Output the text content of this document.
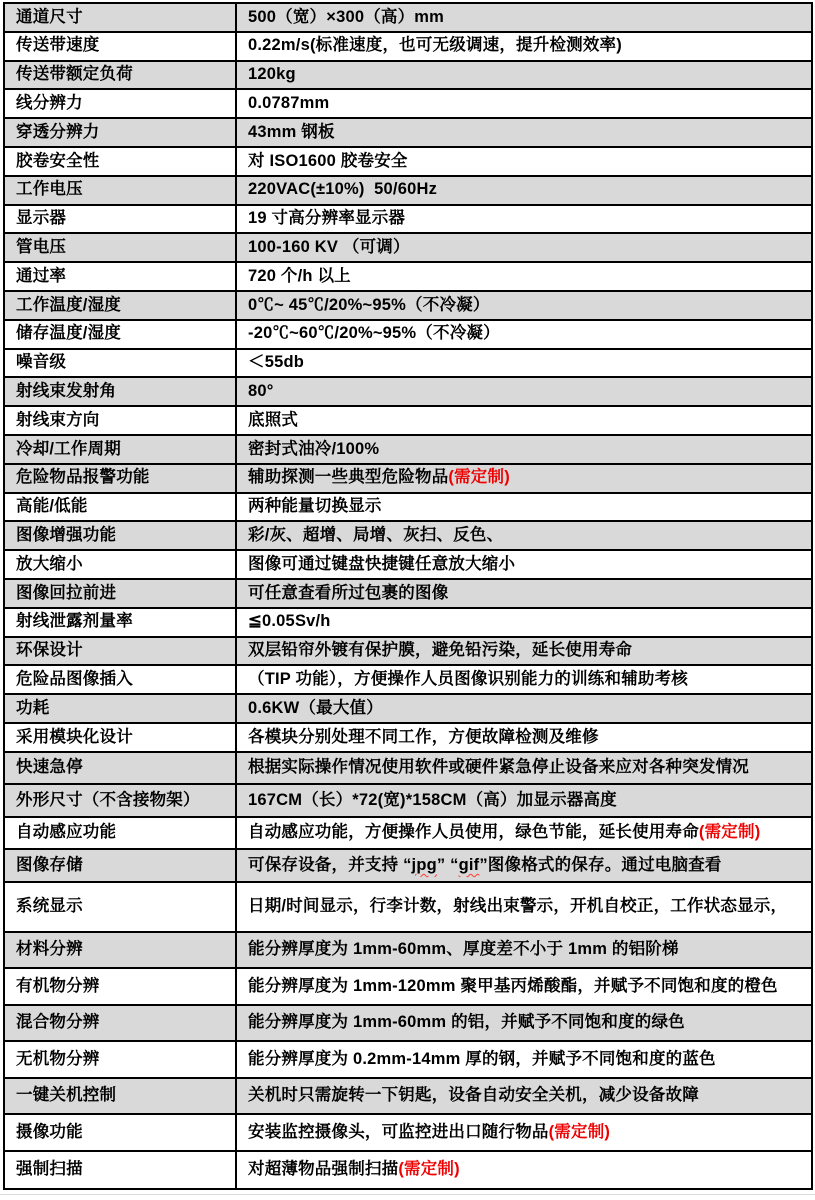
通道尺寸	500（宽）×300（高）mm
传送带速度	0.22m/s(标准速度，也可无级调速，提升检测效率)
传送带额定负荷	120kg
线分辨力	0.0787mm
穿透分辨力	43mm 钢板
胶卷安全性	对 ISO1600 胶卷安全
工作电压	220VAC(±10%)  50/60Hz
显示器	19 寸高分辨率显示器
管电压	100-160 KV （可调）
通过率	720 个/h 以上
工作温度/湿度	0℃~ 45℃/20%~95%（不冷凝）
储存温度/湿度	-20℃~60℃/20%~95%（不冷凝）
噪音级	＜55db
射线束发射角	80°
射线束方向	底照式
冷却/工作周期	密封式油冷/100%
危险物品报警功能	辅助探测一些典型危险物品(需定制)
高能/低能	两种能量切换显示
图像增强功能	彩/灰、超增、局增、灰扫、反色、
放大缩小	图像可通过键盘快捷键任意放大缩小
图像回拉前进	可任意查看所过包裹的图像
射线泄露剂量率	≦0.05Sv/h
环保设计	双层铅帘外镀有保护膜，避免铅污染，延长使用寿命
危险品图像插入	（TIP 功能），方便操作人员图像识别能力的训练和辅助考核
功耗	0.6KW（最大值）
采用模块化设计	各模块分别处理不同工作，方便故障检测及维修
快速急停	根据实际操作情况使用软件或硬件紧急停止设备来应对各种突发情况
外形尺寸（不含接物架）	167CM（长）*72(宽)*158CM（高）加显示器高度
自动感应功能	自动感应功能，方便操作人员使用，绿色节能，延长使用寿命(需定制)
图像存储	可保存设备，并支持 “jpg” “gif”图像格式的保存。通过电脑查看
系统显示	日期/时间显示，行李计数，射线出束警示，开机自校正，工作状态显示，
材料分辨	能分辨厚度为 1mm-60mm、厚度差不小于 1mm 的铝阶梯
有机物分辨	能分辨厚度为 1mm-120mm 聚甲基丙烯酸酯，并赋予不同饱和度的橙色
混合物分辨	能分辨厚度为 1mm-60mm 的铝，并赋予不同饱和度的绿色
无机物分辨	能分辨厚度为 0.2mm-14mm 厚的钢，并赋予不同饱和度的蓝色
一键关机控制	关机时只需旋转一下钥匙，设备自动安全关机，减少设备故障
摄像功能	安装监控摄像头，可监控进出口随行物品(需定制)
强制扫描	对超薄物品强制扫描(需定制)
